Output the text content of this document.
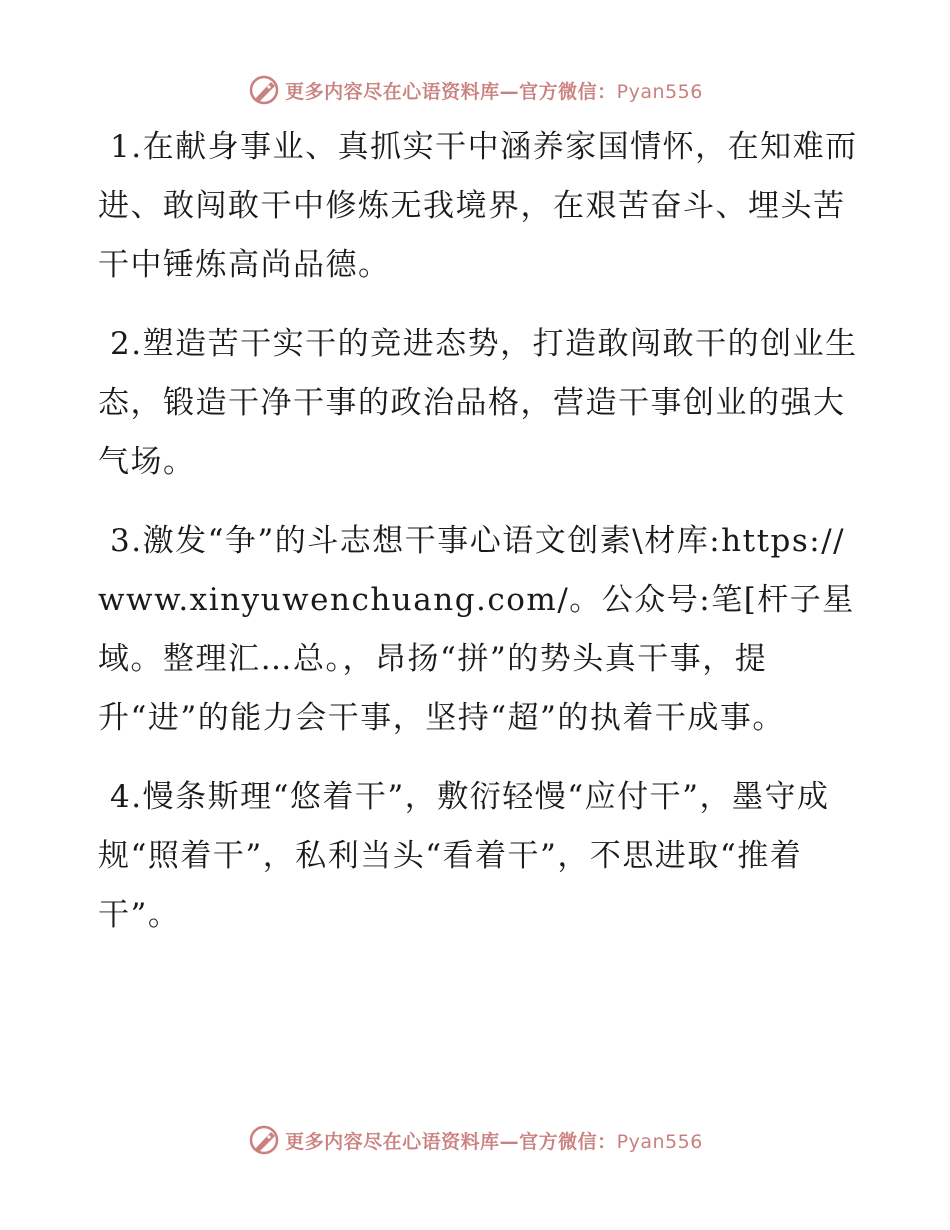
更多内容尽在心语资料库—官方微信：Pyan556

1.在献身事业、真抓实干中涵养家国情怀，在知难而进、敢闯敢干中修炼无我境界，在艰苦奋斗、埋头苦干中锤炼高尚品德。

2.塑造苦干实干的竞进态势，打造敢闯敢干的创业生态，锻造干净干事的政治品格，营造干事创业的强大气场。

3.激发“争”的斗志想干事心语文创素\材库:https://www.xinyuwenchuang.com/。公众号:笔[杆子星域。整理汇…总。，昂扬“拼”的势头真干事，提升“进”的能力会干事，坚持“超”的执着干成事。

4.慢条斯理“悠着干”，敷衍轻慢“应付干”，墨守成规“照着干”，私利当头“看着干”，不思进取“推着干”。

更多内容尽在心语资料库—官方微信：Pyan556
